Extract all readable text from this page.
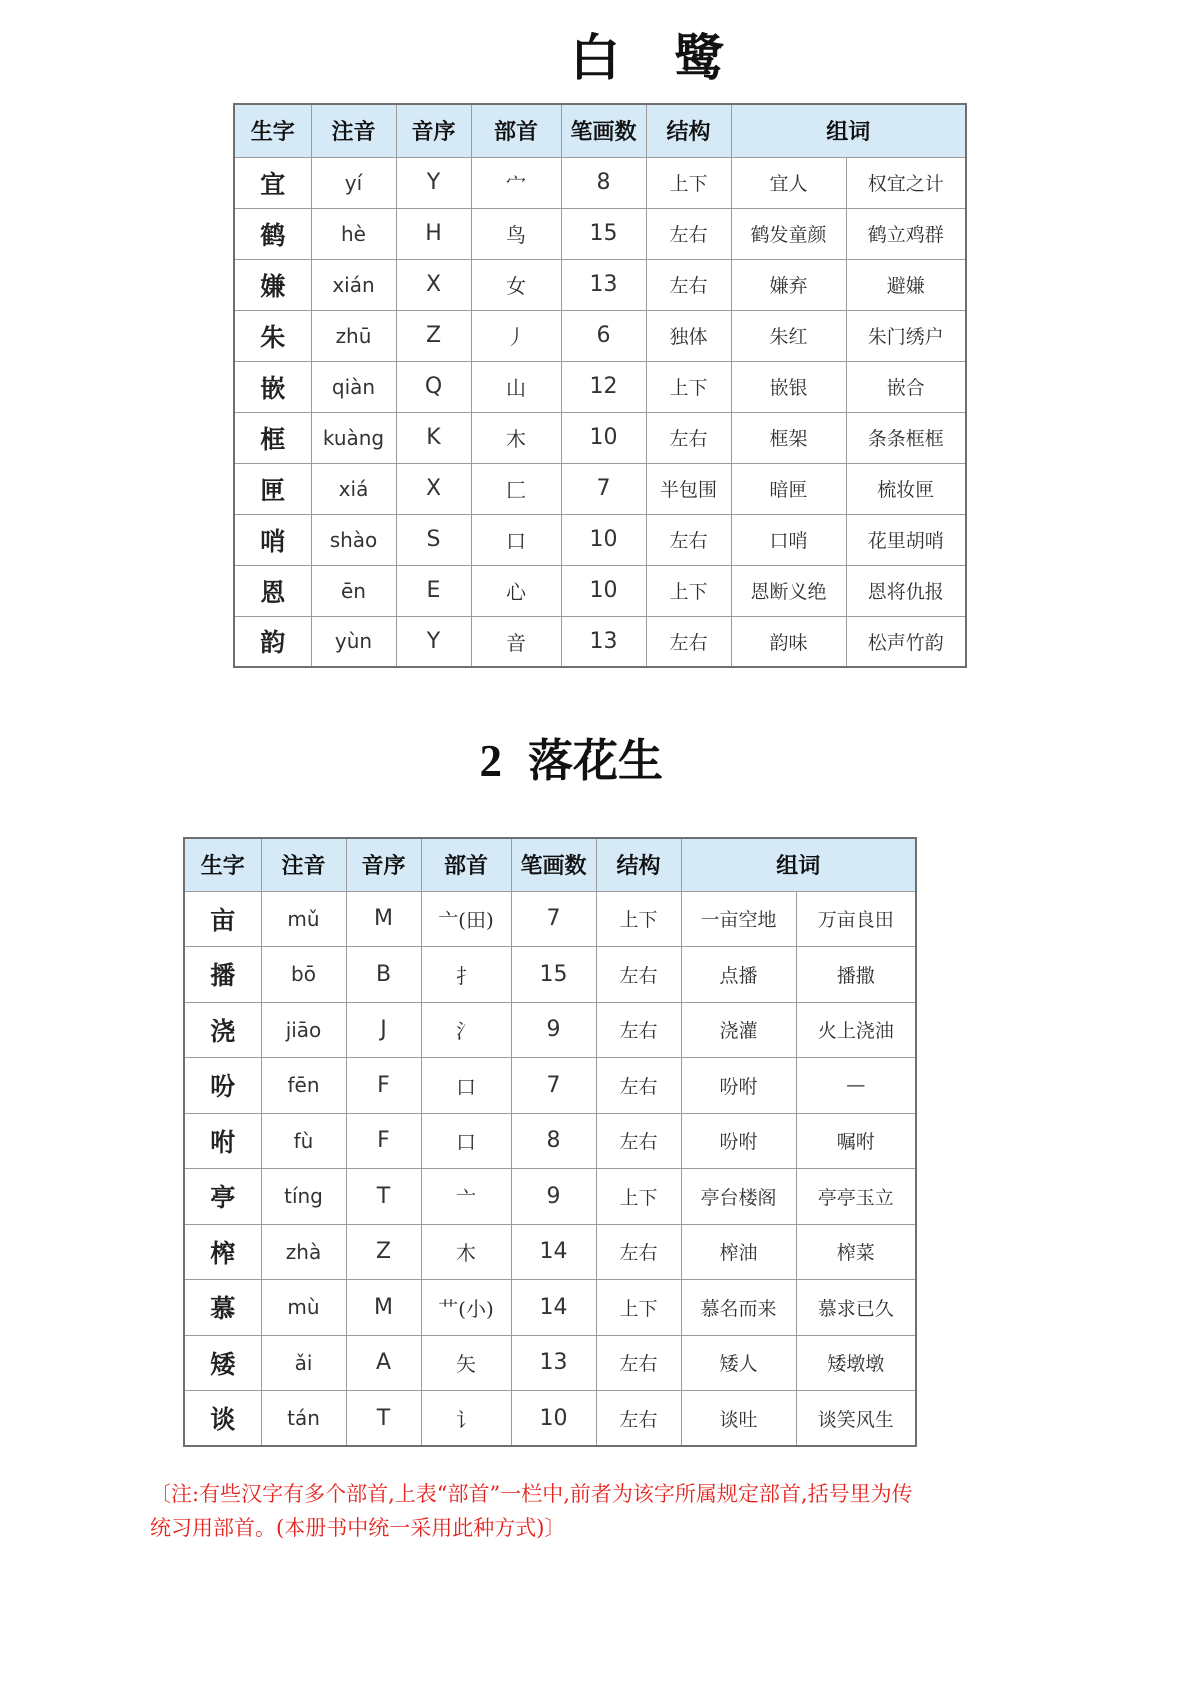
白　鹭
生字	注音	音序	部首	笔画数	结构	组词	
宜	yí	Y	宀	8	上下	宜人	权宜之计
鹤	hè	H	鸟	15	左右	鹤发童颜	鹤立鸡群
嫌	xián	X	女	13	左右	嫌弃	避嫌
朱	zhū	Z	丿	6	独体	朱红	朱门绣户
嵌	qiàn	Q	山	12	上下	嵌银	嵌合
框	kuàng	K	木	10	左右	框架	条条框框
匣	xiá	X	匚	7	半包围	暗匣	梳妆匣
哨	shào	S	口	10	左右	口哨	花里胡哨
恩	ēn	E	心	10	上下	恩断义绝	恩将仇报
韵	yùn	Y	音	13	左右	韵味	松声竹韵

2 落花生

生字	注音	音序	部首	笔画数	结构	组词	
亩	mǔ	M	亠(田)	7	上下	一亩空地	万亩良田
播	bō	B	扌	15	左右	点播	播撒
浇	jiāo	J	氵	9	左右	浇灌	火上浇油
吩	fēn	F	口	7	左右	吩咐	—
咐	fù	F	口	8	左右	吩咐	嘱咐
亭	tíng	T	亠	9	上下	亭台楼阁	亭亭玉立
榨	zhà	Z	木	14	左右	榨油	榨菜
慕	mù	M	艹(小)	14	上下	慕名而来	慕求已久
矮	ǎi	A	矢	13	左右	矮人	矮墩墩
谈	tán	T	讠	10	左右	谈吐	谈笑风生
〔注:有些汉字有多个部首,上表“部首”一栏中,前者为该字所属规定部首,括号里为传
统习用部首。(本册书中统一采用此种方式)〕
